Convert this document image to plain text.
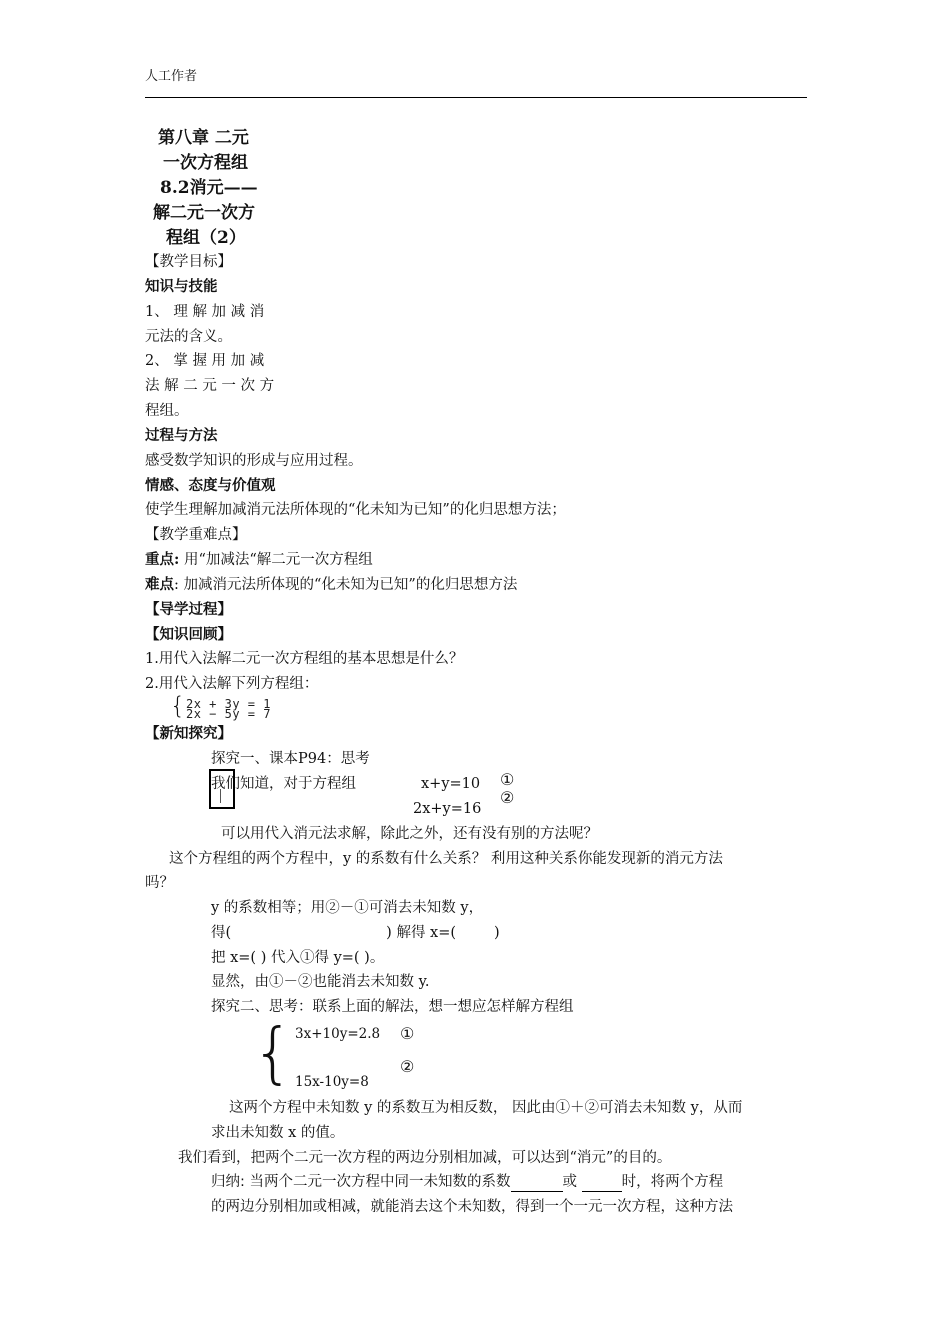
人工作者
第八章 二元
一次方程组
8.2消元——
解二元一次方
程组（2）
【教学目标】
知识与技能
1、 理 解 加 减 消
元法的含义。
2、 掌 握 用 加 减
法 解 二 元 一 次 方
程组。
过程与方法
感受数学知识的形成与应用过程。
情感、态度与价值观
使学生理解加减消元法所体现的“化未知为已知”的化归思想方法；
【教学重难点】
重点: 用“加减法“解二元一次方程组
难点: 加减消元法所体现的“化未知为已知”的化归思想方法
【导学过程】
【知识回顾】
1.用代入法解二元一次方程组的基本思想是什么？
2.用代入法解下列方程组：
{ 2x + 3y = 1
2x − 5y = 7
【新知探究】
探究一、课本P94：思考
我们知道，对于方程组	x+y=10 ①
②
2x+y=16
可以用代入消元法求解，除此之外，还有没有别的方法呢？
这个方程组的两个方程中，y 的系数有什么关系？ 利用这种关系你能发现新的消元方法
吗？
y 的系数相等；用②－①可消去未知数 y，
得(	) 解得 x=(	)
把 x=( ) 代入①得 y=( )。
显然，由①－②也能消去未知数 y.
探究二、思考：联系上面的解法，想一想应怎样解方程组
{ 3x+10y=2.8 ①
②
15x-10y=8
这两个方程中未知数 y 的系数互为相反数， 因此由①＋②可消去未知数 y，从而
求出未知数 x 的值。
我们看到，把两个二元一次方程的两边分别相加减，可以达到“消元”的目的。
归纳: 当两个二元一次方程中同一未知数的系数	或	时，将两个方程
的两边分别相加或相减，就能消去这个未知数，得到一个一元一次方程，这种方法
